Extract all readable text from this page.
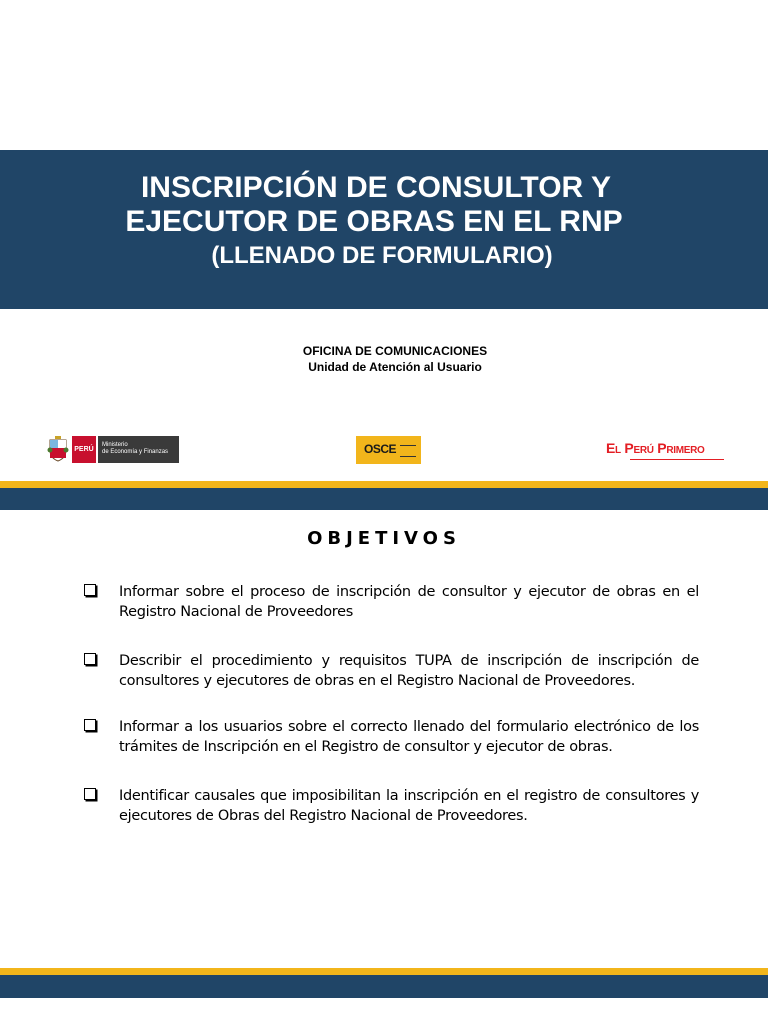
INSCRIPCIÓN DE CONSULTOR Y
EJECUTOR DE OBRAS EN EL RNP
(LLENADO DE FORMULARIO)
OFICINA DE COMUNICACIONES
Unidad de Atención al Usuario
PERÚ
Ministerio
de Economía y Finanzas	OSCE	El Perú Primero
OBJETIVOS
Informar sobre el proceso de inscripción de consultor y ejecutor de obras en el Registro Nacional de Proveedores
Describir el procedimiento y requisitos TUPA de inscripción de inscripción de consultores y ejecutores de obras en el Registro Nacional de Proveedores.
Informar a los usuarios sobre el correcto llenado del formulario electrónico de los trámites de Inscripción en el Registro de consultor y ejecutor de obras.
Identificar causales que imposibilitan la inscripción en el registro de consultores y ejecutores de Obras del Registro Nacional de Proveedores.
